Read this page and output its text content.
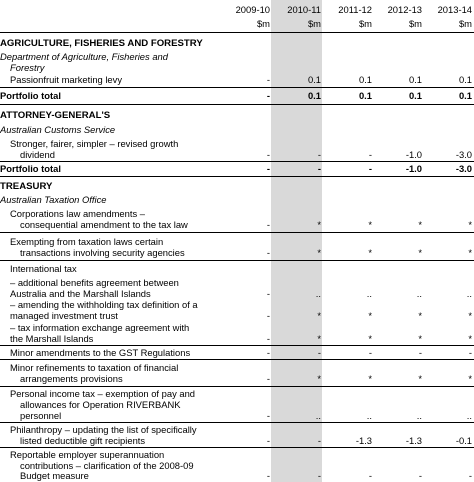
2009-10	2010-11	2011-12	2012-13	2013-14
$m	$m	$m	$m	$m
AGRICULTURE, FISHERIES AND FORESTRY
Department of Agriculture, Fisheries and
Forestry
Passionfruit marketing levy	-	0.1	0.1	0.1	0.1
Portfolio total	-	0.1	0.1	0.1	0.1
ATTORNEY-GENERAL'S
Australian Customs Service
Stronger, fairer, simpler – revised growth
dividend	-	-	-	-1.0	-3.0
Portfolio total	-	-	-	-1.0	-3.0
TREASURY
Australian Taxation Office
Corporations law amendments –
consequential amendment to the tax law	-	*	*	*	*
Exempting from taxation laws certain
transactions involving security agencies	-	*	*	*	*
International tax
– additional benefits agreement between
Australia and the Marshall Islands	-	..	..	..	..
– amending the withholding tax definition of a
managed investment trust	-	*	*	*	*
– tax information exchange agreement with
the Marshall Islands	-	*	*	*	*
Minor amendments to the GST Regulations	-	-	-	-	-
Minor refinements to taxation of financial
arrangements provisions	-	*	*	*	*
Personal income tax – exemption of pay and
allowances for Operation RIVERBANK
personnel	-	..	..	..	..
Philanthropy – updating the list of specifically
listed deductible gift recipients	-	-	-1.3	-1.3	-0.1
Reportable employer superannuation
contributions – clarification of the 2008-09
Budget measure	-	-	-	-	-
